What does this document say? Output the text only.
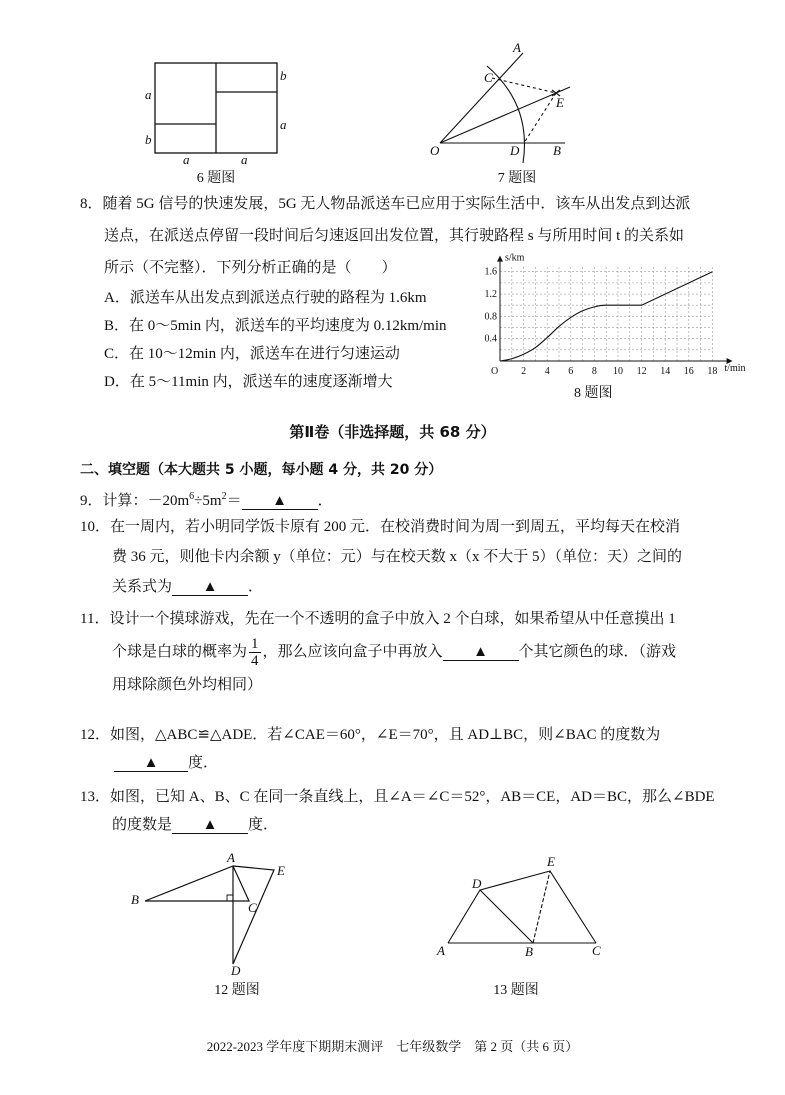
a
b
b
a
a	a
6 题图
A
C
E
O	D	B
7 题图
2 4 6 8 10 12 14 16 18
0.4
0.8
1.2
1.6
O	t/min
s/km
A
B
C
E
D
12 题图
A	B	C
D
E
13 题图
8．随着 5G 信号的快速发展，5G 无人物品派送车已应用于实际生活中．该车从出发点到达派
送点，在派送点停留一段时间后匀速返回出发位置，其行驶路程 s 与所用时间 t 的关系如
所示（不完整）．下列分析正确的是（　　）
A．派送车从出发点到派送点行驶的路程为 1.6km
B．在 0～5min 内，派送车的平均速度为 0.12km/min
C．在 10～12min 内，派送车在进行匀速运动
D．在 5～11min 内，派送车的速度逐渐增大
8 题图
第Ⅱ卷（非选择题，共 68 分）
二、填空题（本大题共 5 小题，每小题 4 分，共 20 分）
9．计算：$-20m^6\div 5m^2=$ ▲ ．
10．在一周内，若小明同学饭卡原有 200 元．在校消费时间为周一到周五，平均每天在校消
费 36 元，则他卡内余额 y（单位：元）与在校天数 x（x 不大于 5）（单位：天）之间的
关系式为 ▲ ．
11．设计一个摸球游戏，先在一个不透明的盒子中放入 2 个白球，如果希望从中任意摸出 1
个球是白球的概率为 $\frac{1}{4}$ ，那么应该向盒子中再放入 ▲ 个其它颜色的球．（游戏
用球除颜色外均相同）
12．如图，△ABC≌△ADE．若∠CAE＝60°，∠E＝70°，且 AD⊥BC，则∠BAC 的度数为
▲ 度．
13．如图，已知 A、B、C 在同一条直线上，且∠A＝∠C＝52°，AB＝CE，AD＝BC，那么∠BDE
的度数是 ▲ 度．
2022-2023 学年度下期期末测评　七年级数学　第 2 页（共 6 页）
